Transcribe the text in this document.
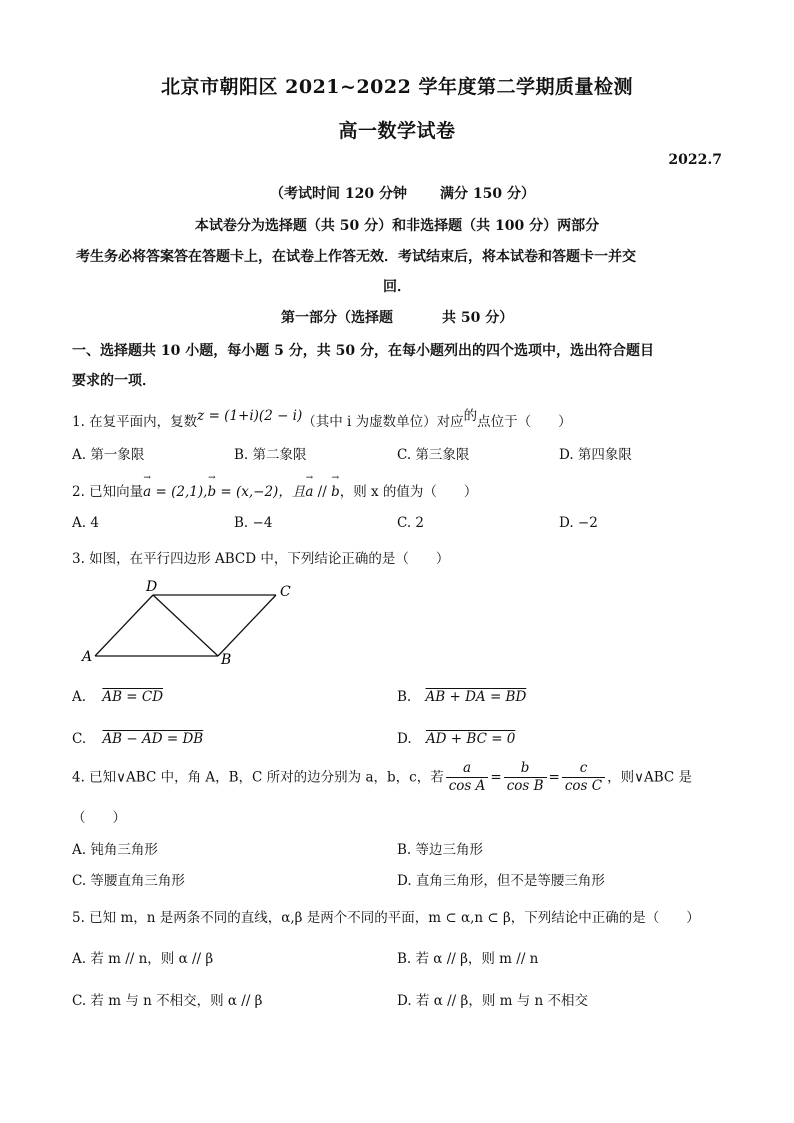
北京市朝阳区 2021~2022 学年度第二学期质量检测
高一数学试卷
2022.7
（考试时间 120 分钟 满分 150 分）
本试卷分为选择题（共 50 分）和非选择题（共 100 分）两部分
考生务必将答案答在答题卡上，在试卷上作答无效．考试结束后，将本试卷和答题卡一并交
回．
第一部分（选择题	共 50 分）
一、选择题共 10 小题，每小题 5 分，共 50 分，在每小题列出的四个选项中，选出符合题目
要求的一项．
1. 在复平面内，复数z = (1+i)(2 − i)（其中 i 为虚数单位）对应的点位于（　　）
A. 第一象限	B. 第二象限	C. 第三象限	D. 第四象限
2. 已知向量→ a = (2,1),→ b = (x,−2)，且→ a // → b，则 x 的值为（　　）
A. 4	B. −4	C. 2	D. −2
3. 如图，在平行四边形 ABCD 中，下列结论正确的是（　　）
A	B
C
D
A. AB = CD	B. AB + DA = BD
C. AB − AD = DB	D. AD + BC = 0
4. 已知∨ABC 中，角 A，B，C 所对的边分别为 a，b，c，若 $\frac{a}{\text{cos A}} = \frac{b}{\text{cos B}} = \frac{c}{\text{cos C}}$ ，则∨ABC 是
（　　）
A. 钝角三角形	B. 等边三角形
C. 等腰直角三角形	D. 直角三角形，但不是等腰三角形
5. 已知 m，n 是两条不同的直线，α,β 是两个不同的平面，m ⊂ α,n ⊂ β，下列结论中正确的是（　　）
A. 若 m // n，则 α // β	B. 若 α // β，则 m // n
C. 若 m 与 n 不相交，则 α // β	D. 若 α // β，则 m 与 n 不相交
